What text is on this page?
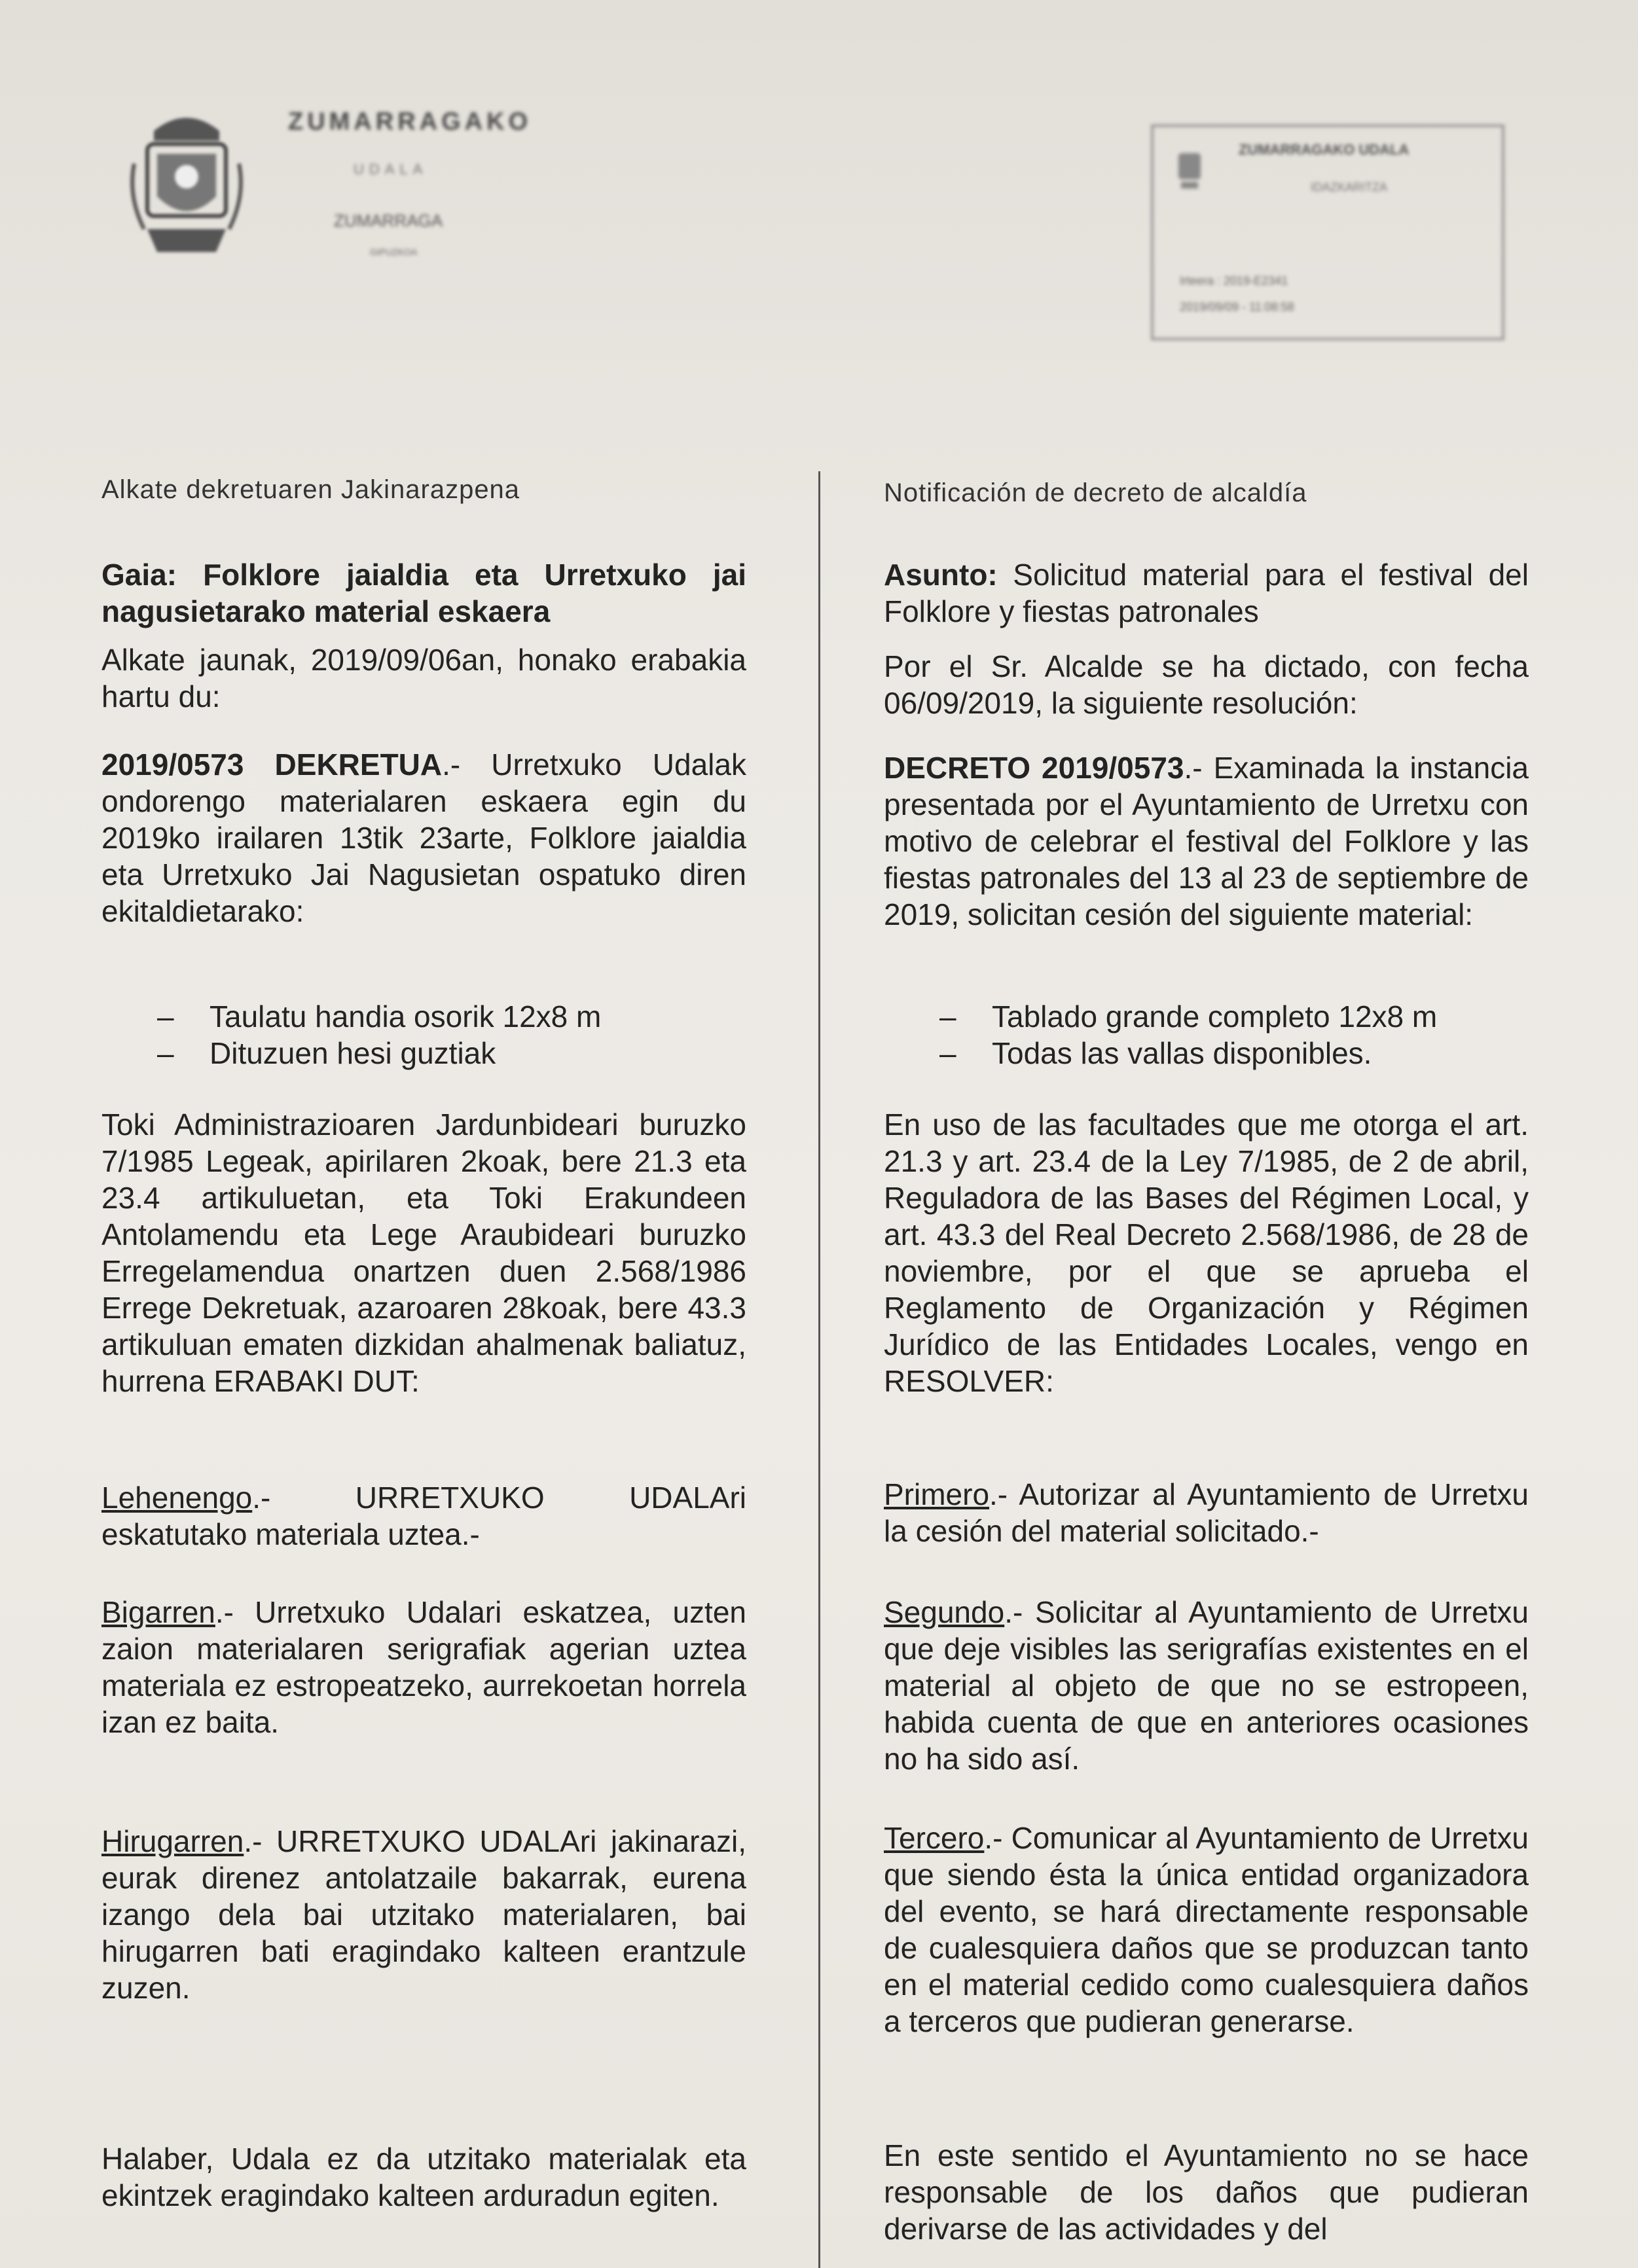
ZUMARRAGAKO
UDALA
ZUMARRAGA
GIPUZKOA
ZUMARRAGAKO UDALA
IDAZKARITZA
Irteera : 2019-E2341
2019/09/09 - 11:08:58

Alkate dekretuaren Jakinarazpena

Gaia: Folklore jaialdia eta Urretxuko jai nagusietarako material eskaera

Alkate jaunak, 2019/09/06an, honako erabakia hartu du:

2019/0573 DEKRETUA.- Urretxuko Udalak ondorengo materialaren eskaera egin du 2019ko irailaren 13tik 23arte, Folklore jaialdia eta Urretxuko Jai Nagusietan ospatuko diren ekitaldietarako:

– Taulatu handia osorik 12x8 m
– Dituzuen hesi guztiak

Toki Administrazioaren Jardunbideari buruzko 7/1985 Legeak, apirilaren 2koak, bere 21.3 eta 23.4 artikuluetan, eta Toki Erakundeen Antolamendu eta Lege Araubideari buruzko Erregelamendua onartzen duen 2.568/1986 Errege Dekretuak, azaroaren 28koak, bere 43.3 artikuluan ematen dizkidan ahalmenak baliatuz, hurrena ERABAKI DUT:

Lehenengo.- URRETXUKO UDALAri eskatutako materiala uztea.-

Bigarren.- Urretxuko Udalari eskatzea, uzten zaion materialaren serigrafiak agerian uztea materiala ez estropeatzeko, aurrekoetan horrela izan ez baita.

Hirugarren.- URRETXUKO UDALAri jakinarazi, eurak direnez antolatzaile bakarrak, eurena izango dela bai utzitako materialaren, bai hirugarren bati eragindako kalteen erantzule zuzen.

Halaber, Udala ez da utzitako materialak eta ekintzek eragindako kalteen arduradun egiten.

Notificación de decreto de alcaldía

Asunto: Solicitud material para el festival del Folklore y fiestas patronales

Por el Sr. Alcalde se ha dictado, con fecha 06/09/2019, la siguiente resolución:

DECRETO 2019/0573.- Examinada la instancia presentada por el Ayuntamiento de Urretxu con motivo de celebrar el festival del Folklore y las fiestas patronales del 13 al 23 de septiembre de 2019, solicitan cesión del siguiente material:

– Tablado grande completo 12x8 m
– Todas las vallas disponibles.

En uso de las facultades que me otorga el art. 21.3 y art. 23.4 de la Ley 7/1985, de 2 de abril, Reguladora de las Bases del Régimen Local, y art. 43.3 del Real Decreto 2.568/1986, de 28 de noviembre, por el que se aprueba el Reglamento de Organización y Régimen Jurídico de las Entidades Locales, vengo en RESOLVER:

Primero.- Autorizar al Ayuntamiento de Urretxu la cesión del material solicitado.-

Segundo.- Solicitar al Ayuntamiento de Urretxu que deje visibles las serigrafías existentes en el material al objeto de que no se estropeen, habida cuenta de que en anteriores ocasiones no ha sido así.

Tercero.- Comunicar al Ayuntamiento de Urretxu que siendo ésta la única entidad organizadora del evento, se hará directamente responsable de cualesquiera daños que se produzcan tanto en el material cedido como cualesquiera daños a terceros que pudieran generarse.

En este sentido el Ayuntamiento no se hace responsable de los daños que pudieran derivarse de las actividades y del
